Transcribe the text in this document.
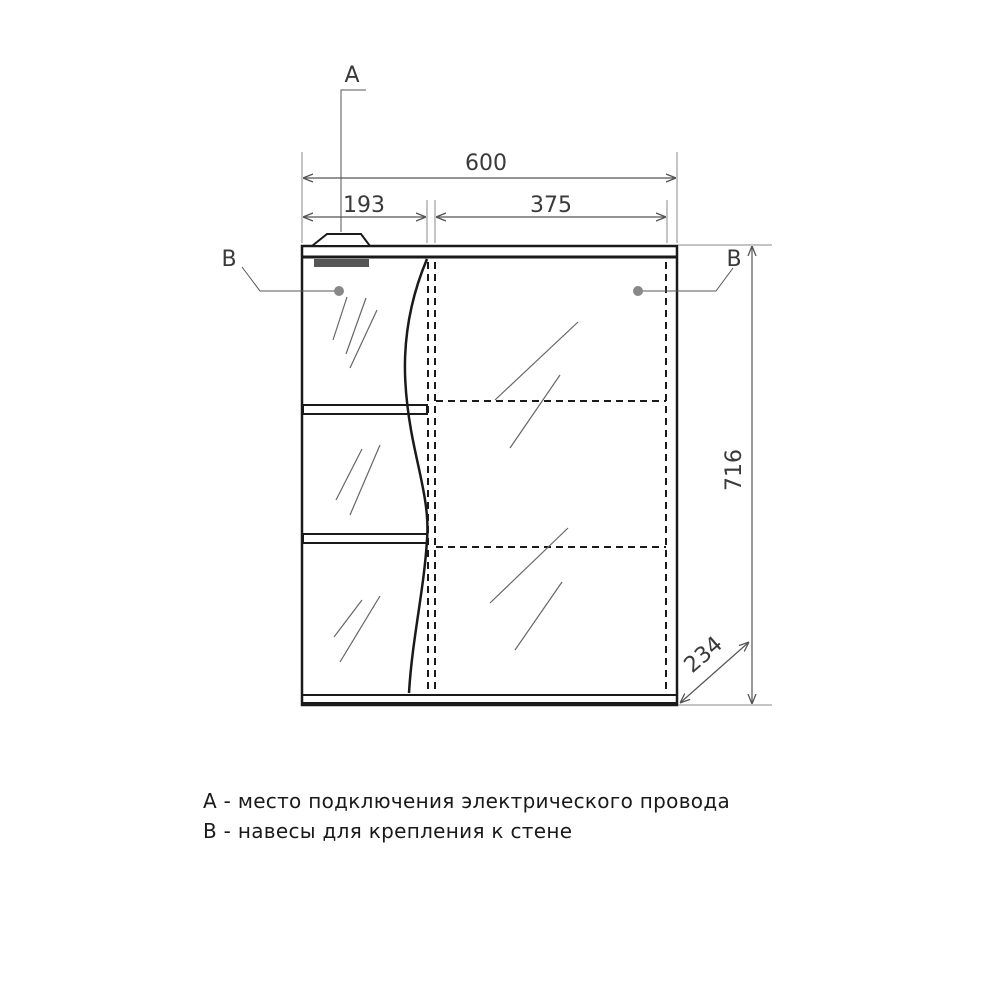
600
193	375
A
B	B
716
234
А - место подключения электрического провода
В - навесы для крепления к стене
